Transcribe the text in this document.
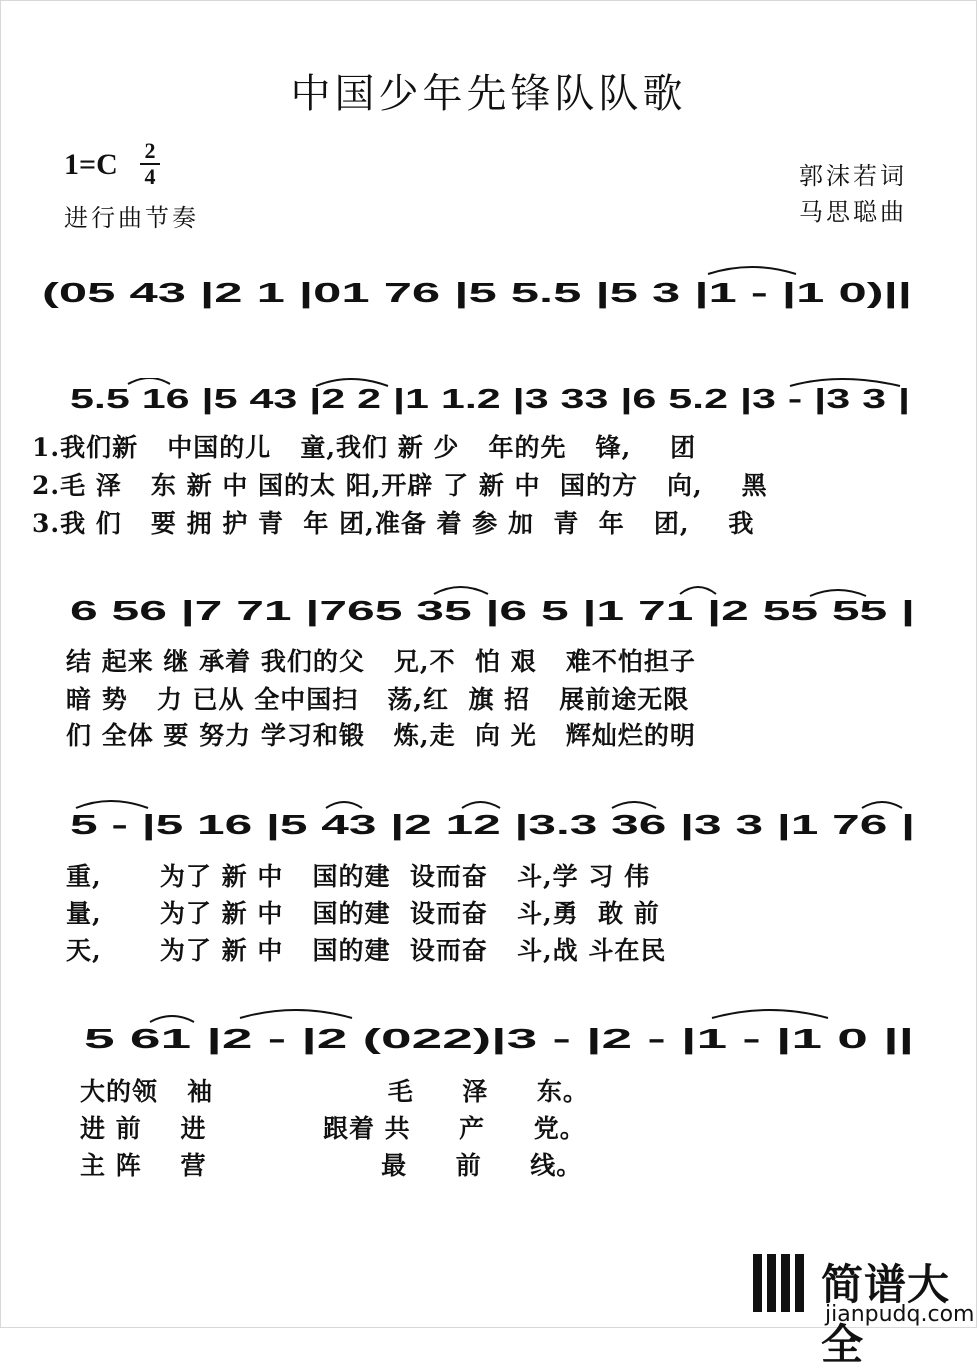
中国少年先锋队队歌
1=C 2
4
进行曲节奏
郭沫若词
马思聪曲
(05 43 |2 1 |01 76 |5 5.5 |5 3 |1 - |1 0)||
5.5 16 |5 43 |2 2 |1 1.2 |3 33 |6 5.2 |3 - |3 3 |
1.我们新   中国的儿   童,我们 新 少   年的先   锋,    团
2.毛 泽   东 新 中 国的太 阳,开辟 了 新 中  国的方   向,    黑
3.我 们   要 拥 护 青  年 团,准备 着 参 加  青  年   团,    我
6 56 |7 71 |765 35 |6 5 |1 71 |2 55 55 |
结 起来 继 承着 我们的父   兄,不  怕 艰   难不怕担子
暗 势   力 已从 全中国扫   荡,红  旗 招   展前途无限
们 全体 要 努力 学习和锻   炼,走  向 光   辉灿烂的明
5 - |5 16 |5 43 |2 12 |3.3 36 |3 3 |1 76 |
重,      为了 新 中   国的建  设而奋   斗,学 习 伟
量,      为了 新 中   国的建  设而奋   斗,勇  敢 前
天,      为了 新 中   国的建  设而奋   斗,战 斗在民
5 61 |2 - |2 (022)|3 - |2 - |1 - |1 0 ||
大的领   袖                  毛     泽     东。
进 前    进            跟着 共     产     党。
主 阵    营                  最     前     线。
简谱大全
jianpudq.com
